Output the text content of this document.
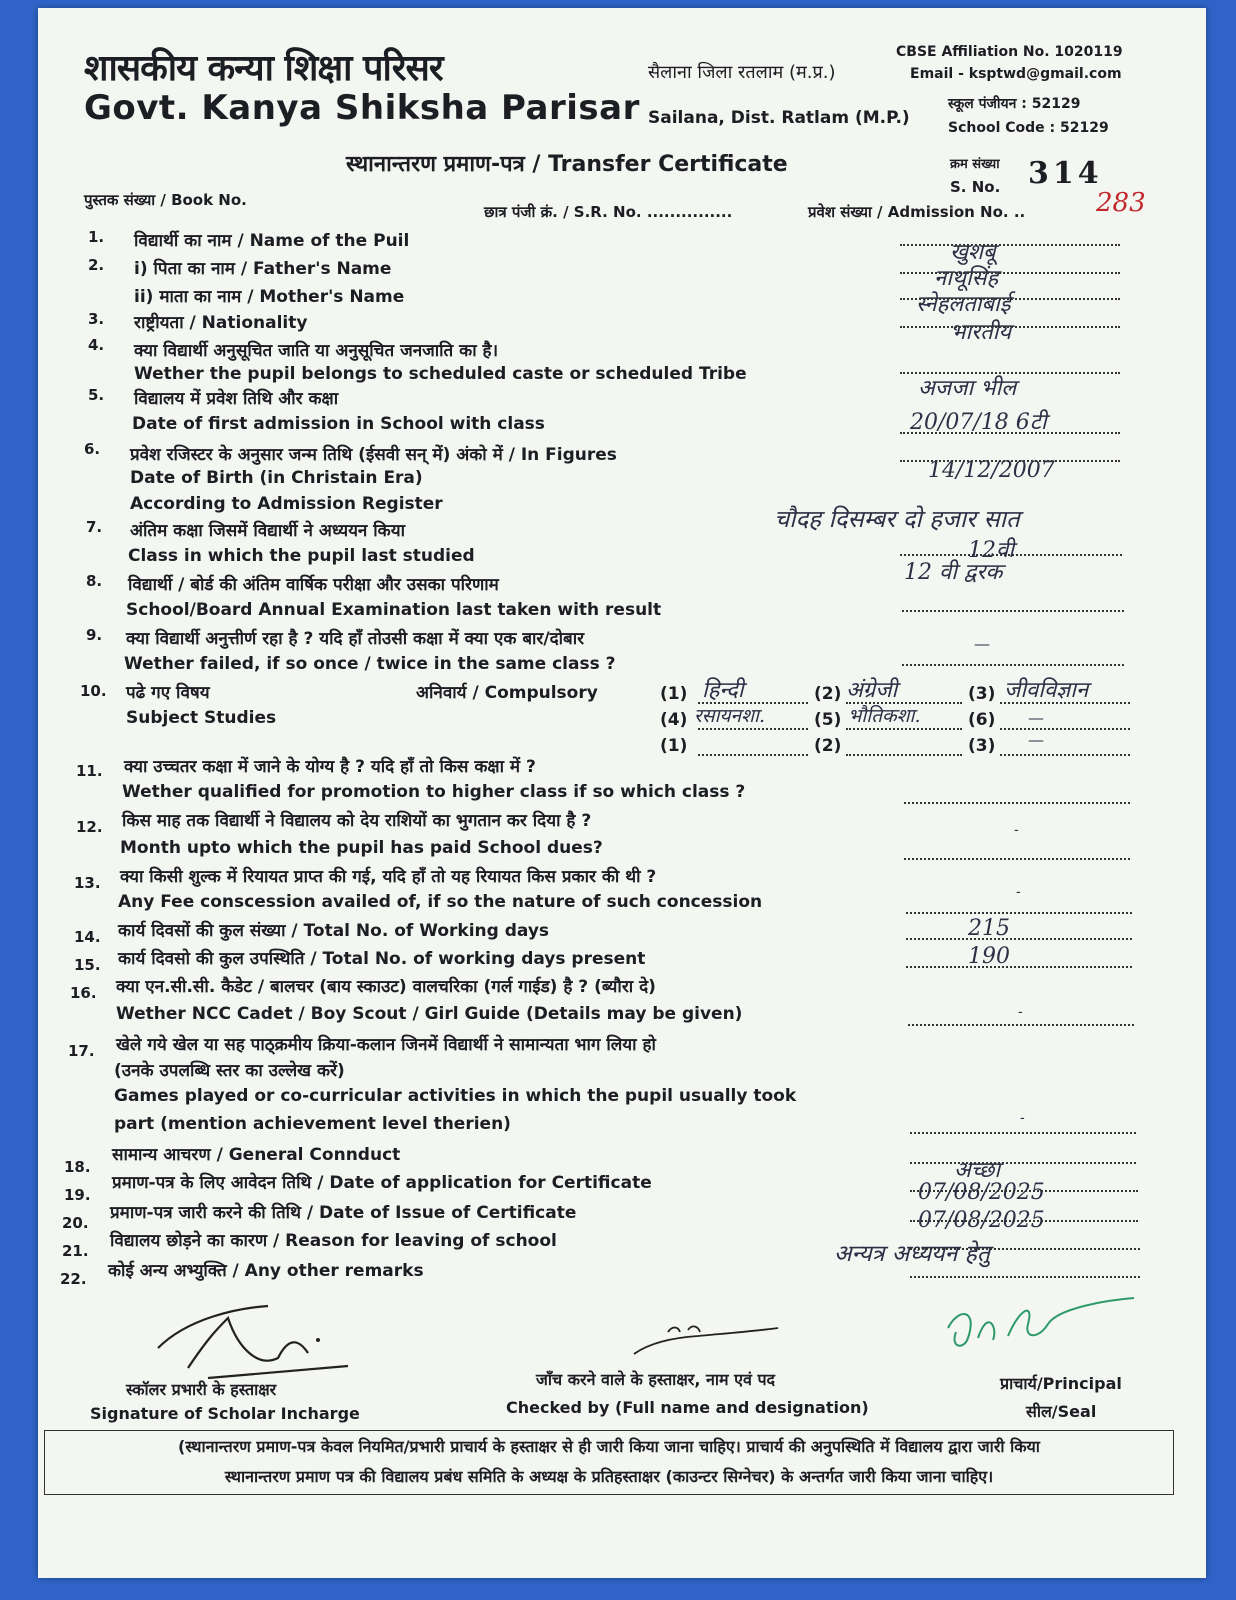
शासकीय कन्या शिक्षा परिसर
Govt. Kanya Shiksha Parisar
सैलाना जिला रतलाम (म.प्र.)
Sailana, Dist. Ratlam (M.P.)
CBSE Affiliation No. 1020119
Email - ksptwd@gmail.com
स्कूल पंजीयन : 52129
School Code : 52129
स्थानान्तरण प्रमाण-पत्र / Transfer Certificate	क्रम संख्या
S. No. 314
पुस्तक संख्या / Book No.
छात्र पंजी क्रं. / S.R. No. ...............	प्रवेश संख्या / Admission No. ..	283
1. विद्यार्थी का नाम / Name of the Puil	खुशबू
2. i) पिता का नाम / Father's Name	नाथूसिंह
ii) माता का नाम / Mother's Name	स्नेहलताबाई
3. राष्ट्रीयता / Nationality	भारतीय
4. क्या विद्यार्थी अनुसूचित जाति या अनुसूचित जनजाति का है।
Wether the pupil belongs to scheduled caste or scheduled Tribe
अजजा भील
5. विद्यालय में प्रवेश तिथि और कक्षा
Date of first admission in School with class	20/07/18 6टी
6. प्रवेश रजिस्टर के अनुसार जन्म तिथि (ईसवी सन् में) अंको में / In Figures
Date of Birth (in Christain Era)
According to Admission Register
14/12/2007
चौदह दिसम्बर दो हजार सात
7. अंतिम कक्षा जिसमें विद्यार्थी ने अध्ययन किया
Class in which the pupil last studied	12वी
8. विद्यार्थी / बोर्ड की अंतिम वार्षिक परीक्षा और उसका परिणाम
School/Board Annual Examination last taken with result
12 वी द्वरक
9. क्या विद्यार्थी अनुत्तीर्ण रहा है ? यदि हाँ तोउसी कक्षा में क्या एक बार/दोबार
Wether failed, if so once / twice in the same class ?
—
10. पढे गए विषय
Subject Studies
अनिवार्य / Compulsory	(1) हिन्दी	(2) अंग्रेजी	(3) जीवविज्ञान
(4) रसायनशा.	(5) भौतिकशा.	(6) —
(1)	(2)	(3) —
11. क्या उच्चतर कक्षा में जाने के योग्य है ? यदि हाँ तो किस कक्षा में ?
Wether qualified for promotion to higher class if so which class ?
12. किस माह तक विद्यार्थी ने विद्यालय को देय राशियों का भुगतान कर दिया है ?
Month upto which the pupil has paid School dues?
-
13. क्या किसी शुल्क में रियायत प्राप्त की गई, यदि हाँ तो यह रियायत किस प्रकार की थी ?
Any Fee conscession availed of, if so the nature of such concession	-
14. कार्य दिवसों की कुल संख्या / Total No. of Working days	215
15. कार्य दिवसो की कुल उपस्थिति / Total No. of working days present	190
16. क्या एन.सी.सी. कैडेट / बालचर (बाय स्काउट) वालचरिका (गर्ल गाईड) है ? (ब्यौरा दे)
Wether NCC Cadet / Boy Scout / Girl Guide (Details may be given)	-
17. खेले गये खेल या सह पाठ्क्रमीय क्रिया-कलान जिनमें विद्यार्थी ने सामान्यता भाग लिया हो
(उनके उपलब्धि स्तर का उल्लेख करें)
Games played or co-curricular activities in which the pupil usually took
part (mention achievement level therien)	-
18.
सामान्य आचरण / General Connduct
अच्छा
19.
प्रमाण-पत्र के लिए आवेदन तिथि / Date of application for Certificate	07/08/2025
20. प्रमाण-पत्र जारी करने की तिथि / Date of Issue of Certificate	07/08/2025
21. विद्यालय छोड़ने का कारण / Reason for leaving of school	अन्यत्र अध्ययन हेतु
22. कोई अन्य अभ्युक्ति / Any other remarks
स्कॉलर प्रभारी के हस्ताक्षर
Signature of Scholar Incharge
जाँच करने वाले के हस्ताक्षर, नाम एवं पद
Checked by (Full name and designation)
प्राचार्य/Principal
सील/Seal
(स्थानान्तरण प्रमाण-पत्र केवल नियमित/प्रभारी प्राचार्य के हस्ताक्षर से ही जारी किया जाना चाहिए। प्राचार्य की अनुपस्थिति में विद्यालय द्वारा जारी किया
स्थानान्तरण प्रमाण पत्र की विद्यालय प्रबंध समिति के अध्यक्ष के प्रतिहस्ताक्षर (काउन्टर सिग्नेचर) के अन्तर्गत जारी किया जाना चाहिए।
